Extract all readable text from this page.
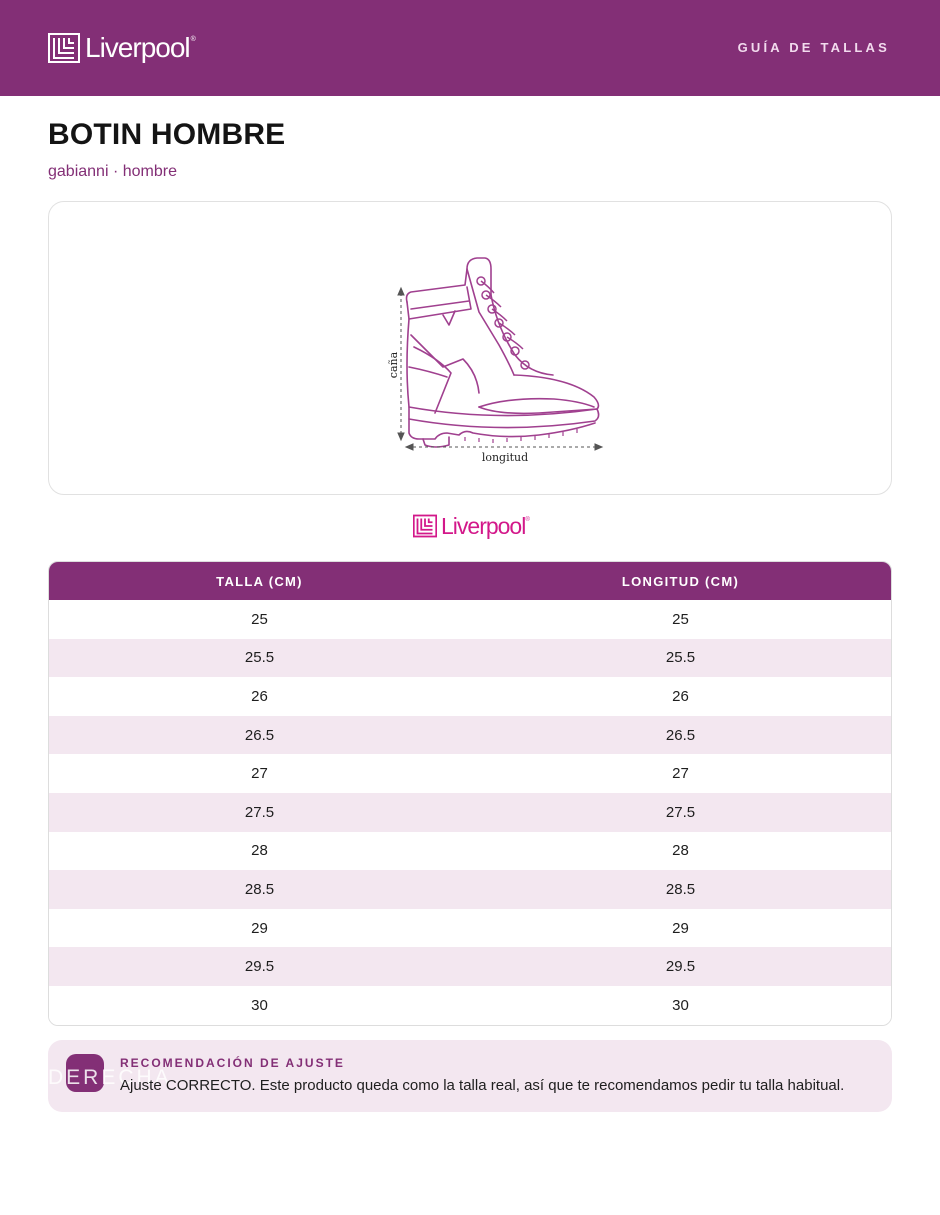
Liverpool®
GUÍA DE TALLAS
BOTIN HOMBRE
gabianni · hombre
caña
longitud
Liverpool®
TALLA (CM)	LONGITUD (CM)
25	25
25.5	25.5
26	26
26.5	26.5
27	27
27.5	27.5
28	28
28.5	28.5
29	29
29.5	29.5
30	30
DERECHA
RECOMENDACIÓN DE AJUSTE
Ajuste CORRECTO. Este producto queda como la talla real, así que te recomendamos pedir tu talla habitual.
